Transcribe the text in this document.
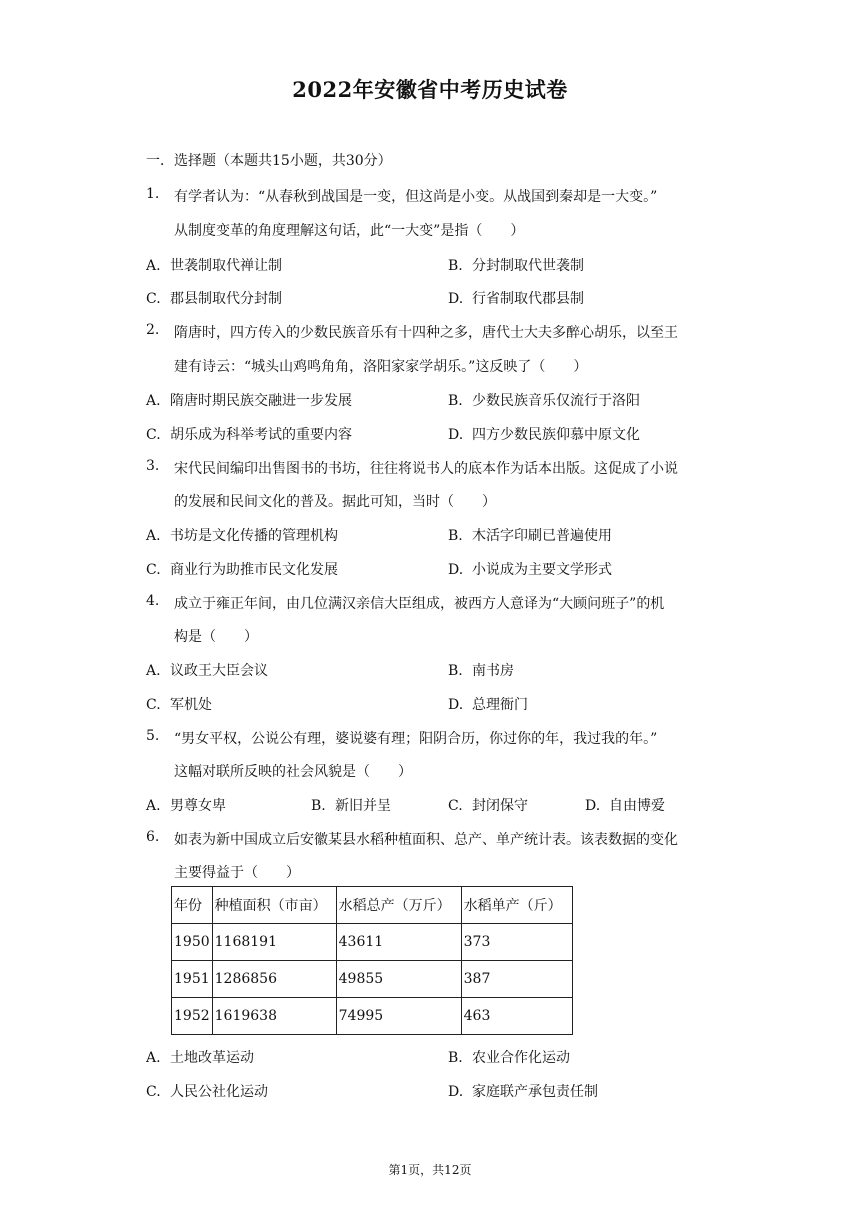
2022年安徽省中考历史试卷
一．选择题（本题共15小题，共30分）
1. 有学者认为：“从春秋到战国是一变，但这尚是小变。从战国到秦却是一大变。”
从制度变革的角度理解这句话，此“一大变”是指（　　）
A. 世袭制取代禅让制	B. 分封制取代世袭制
C. 郡县制取代分封制	D. 行省制取代郡县制
2. 隋唐时，四方传入的少数民族音乐有十四种之多，唐代士大夫多醉心胡乐，以至王
建有诗云：“城头山鸡鸣角角，洛阳家家学胡乐。”这反映了（　　）
A. 隋唐时期民族交融进一步发展	B. 少数民族音乐仅流行于洛阳
C. 胡乐成为科举考试的重要内容	D. 四方少数民族仰慕中原文化
3. 宋代民间编印出售图书的书坊，往往将说书人的底本作为话本出版。这促成了小说
的发展和民间文化的普及。据此可知，当时（　　）
A. 书坊是文化传播的管理机构	B. 木活字印刷已普遍使用
C. 商业行为助推市民文化发展	D. 小说成为主要文学形式
4. 成立于雍正年间，由几位满汉亲信大臣组成，被西方人意译为“大顾问班子”的机
构是（　　）
A. 议政王大臣会议	B. 南书房
C. 军机处	D. 总理衙门
5. “男女平权，公说公有理，婆说婆有理；阳阴合历，你过你的年，我过我的年。”
这幅对联所反映的社会风貌是（　　）
A. 男尊女卑	B. 新旧并呈	C. 封闭保守	D. 自由博爱
6. 如表为新中国成立后安徽某县水稻种植面积、总产、单产统计表。该表数据的变化
主要得益于（　　）
年份	种植面积（市亩）	水稻总产（万斤）	水稻单产（斤）
1950	1168191	43611	373
1951	1286856	49855	387
1952	1619638	74995	463
A. 土地改革运动	B. 农业合作化运动
C. 人民公社化运动	D. 家庭联产承包责任制
第1页，共12页
